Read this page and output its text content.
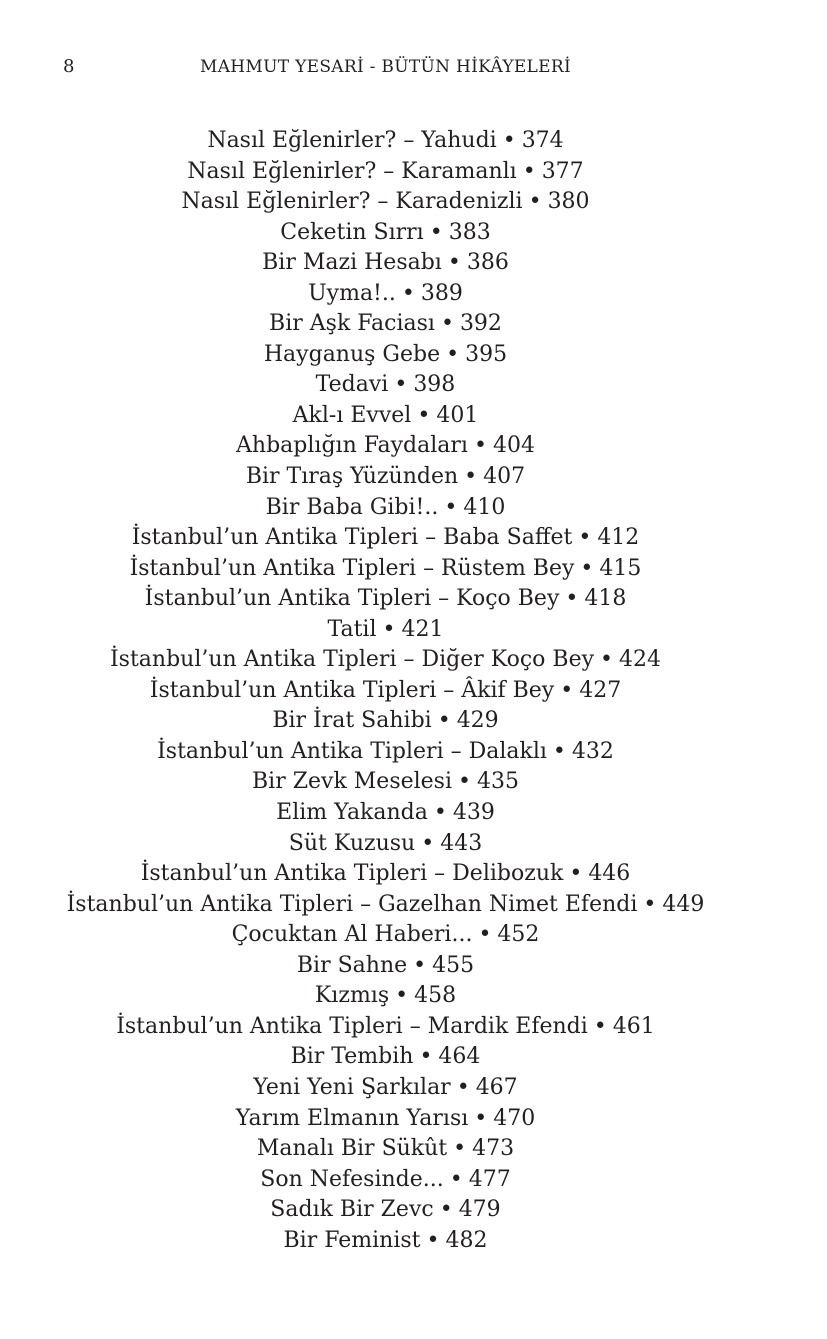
8	MAHMUT YESARİ - BÜTÜN HİKÂYELERİ
Nasıl Eğlenirler? – Yahudi • 374
Nasıl Eğlenirler? – Karamanlı • 377
Nasıl Eğlenirler? – Karadenizli • 380
Ceketin Sırrı • 383
Bir Mazi Hesabı • 386
Uyma!.. • 389
Bir Aşk Faciası • 392
Hayganuş Gebe • 395
Tedavi • 398
Akl-ı Evvel • 401
Ahbaplığın Faydaları • 404
Bir Tıraş Yüzünden • 407
Bir Baba Gibi!.. • 410
İstanbul’un Antika Tipleri – Baba Saffet • 412
İstanbul’un Antika Tipleri – Rüstem Bey • 415
İstanbul’un Antika Tipleri – Koço Bey • 418
Tatil • 421
İstanbul’un Antika Tipleri – Diğer Koço Bey • 424
İstanbul’un Antika Tipleri – Âkif Bey • 427
Bir İrat Sahibi • 429
İstanbul’un Antika Tipleri – Dalaklı • 432
Bir Zevk Meselesi • 435
Elim Yakanda • 439
Süt Kuzusu • 443
İstanbul’un Antika Tipleri – Delibozuk • 446
İstanbul’un Antika Tipleri – Gazelhan Nimet Efendi • 449
Çocuktan Al Haberi... • 452
Bir Sahne • 455
Kızmış • 458
İstanbul’un Antika Tipleri – Mardik Efendi • 461
Bir Tembih • 464
Yeni Yeni Şarkılar • 467
Yarım Elmanın Yarısı • 470
Manalı Bir Sükût • 473
Son Nefesinde... • 477
Sadık Bir Zevc • 479
Bir Feminist • 482
